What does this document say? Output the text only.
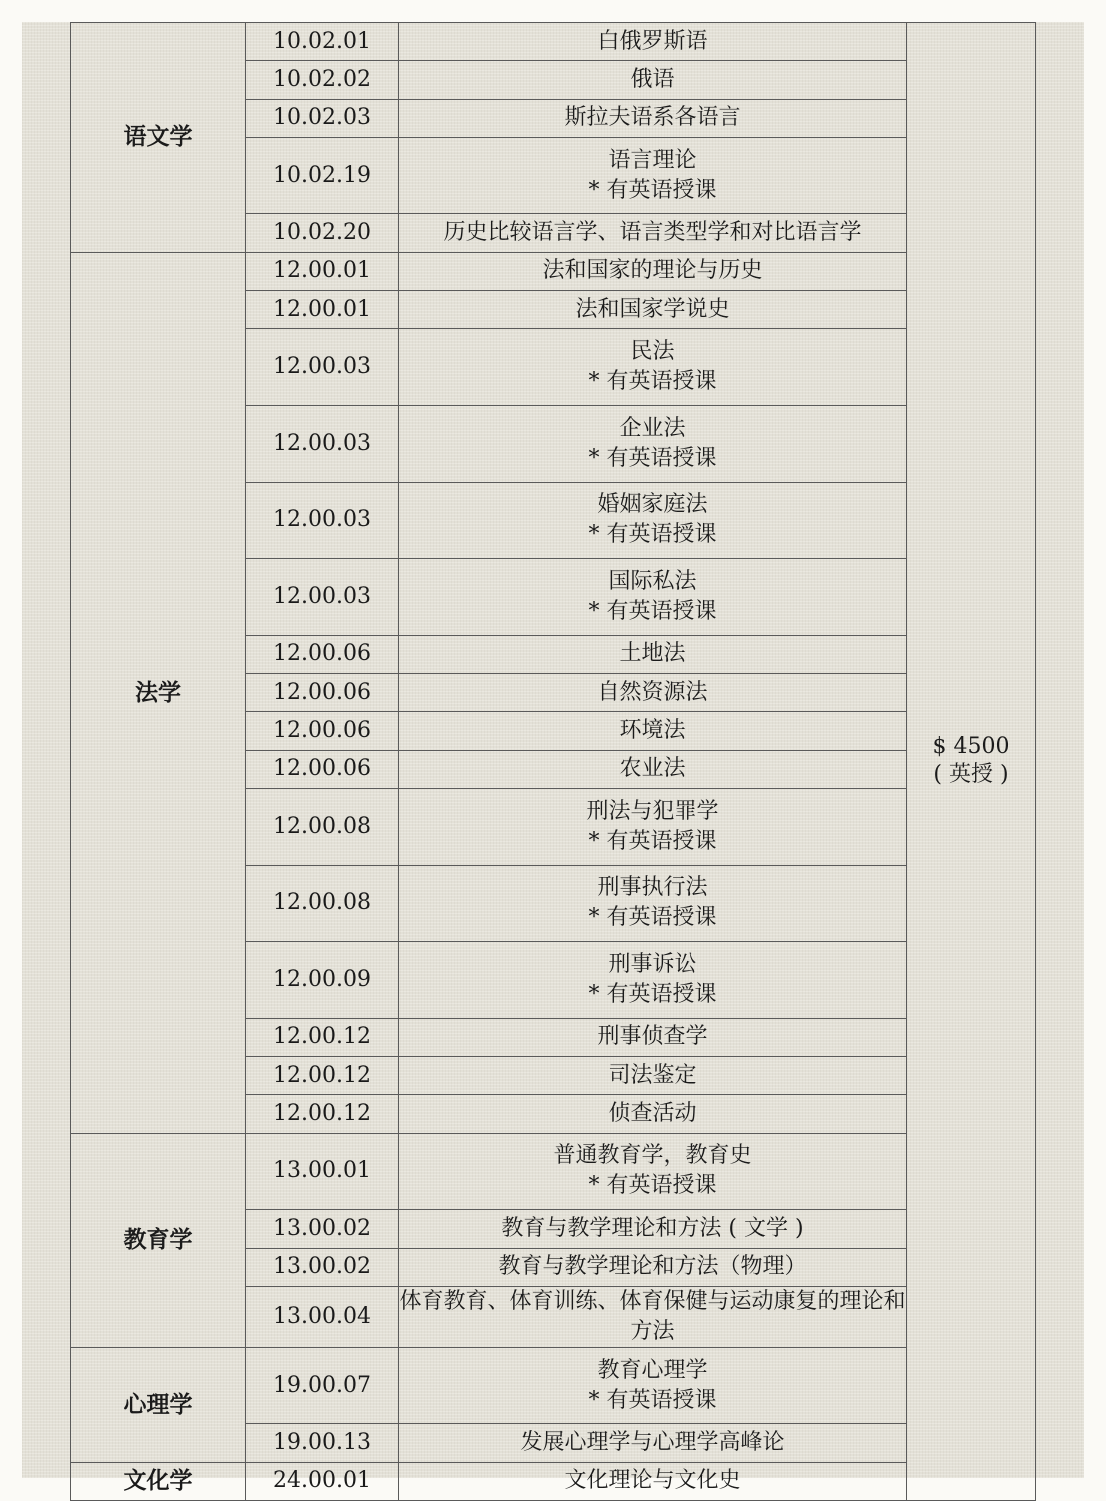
语文学	10.02.01	白俄罗斯语	$ 4500
( 英授 )

	10.02.02	俄语	

	10.02.03	斯拉夫语系各语言	

	10.02.19	语言理论
* 有英语授课	

	10.02.20	历史比较语言学、语言类型学和对比语言学	

法学	12.00.01	法和国家的理论与历史	

	12.00.01	法和国家学说史	

	12.00.03	民法
* 有英语授课	

	12.00.03	企业法
* 有英语授课	

	12.00.03	婚姻家庭法
* 有英语授课	

	12.00.03	国际私法
* 有英语授课	

	12.00.06	土地法	

	12.00.06	自然资源法	

	12.00.06	环境法	

	12.00.06	农业法	

	12.00.08	刑法与犯罪学
* 有英语授课	

	12.00.08	刑事执行法
* 有英语授课	

	12.00.09	刑事诉讼
* 有英语授课	

	12.00.12	刑事侦查学	

	12.00.12	司法鉴定	

	12.00.12	侦查活动	

教育学	13.00.01	普通教育学，教育史
* 有英语授课	

	13.00.02	教育与教学理论和方法 ( 文学 )	

	13.00.02	教育与教学理论和方法（物理）	

	13.00.04	体育教育、体育训练、体育保健与运动康复的理论和方法	

心理学	19.00.07	教育心理学
* 有英语授课	

	19.00.13	发展心理学与心理学高峰论	

文化学	24.00.01	文化理论与文化史	
